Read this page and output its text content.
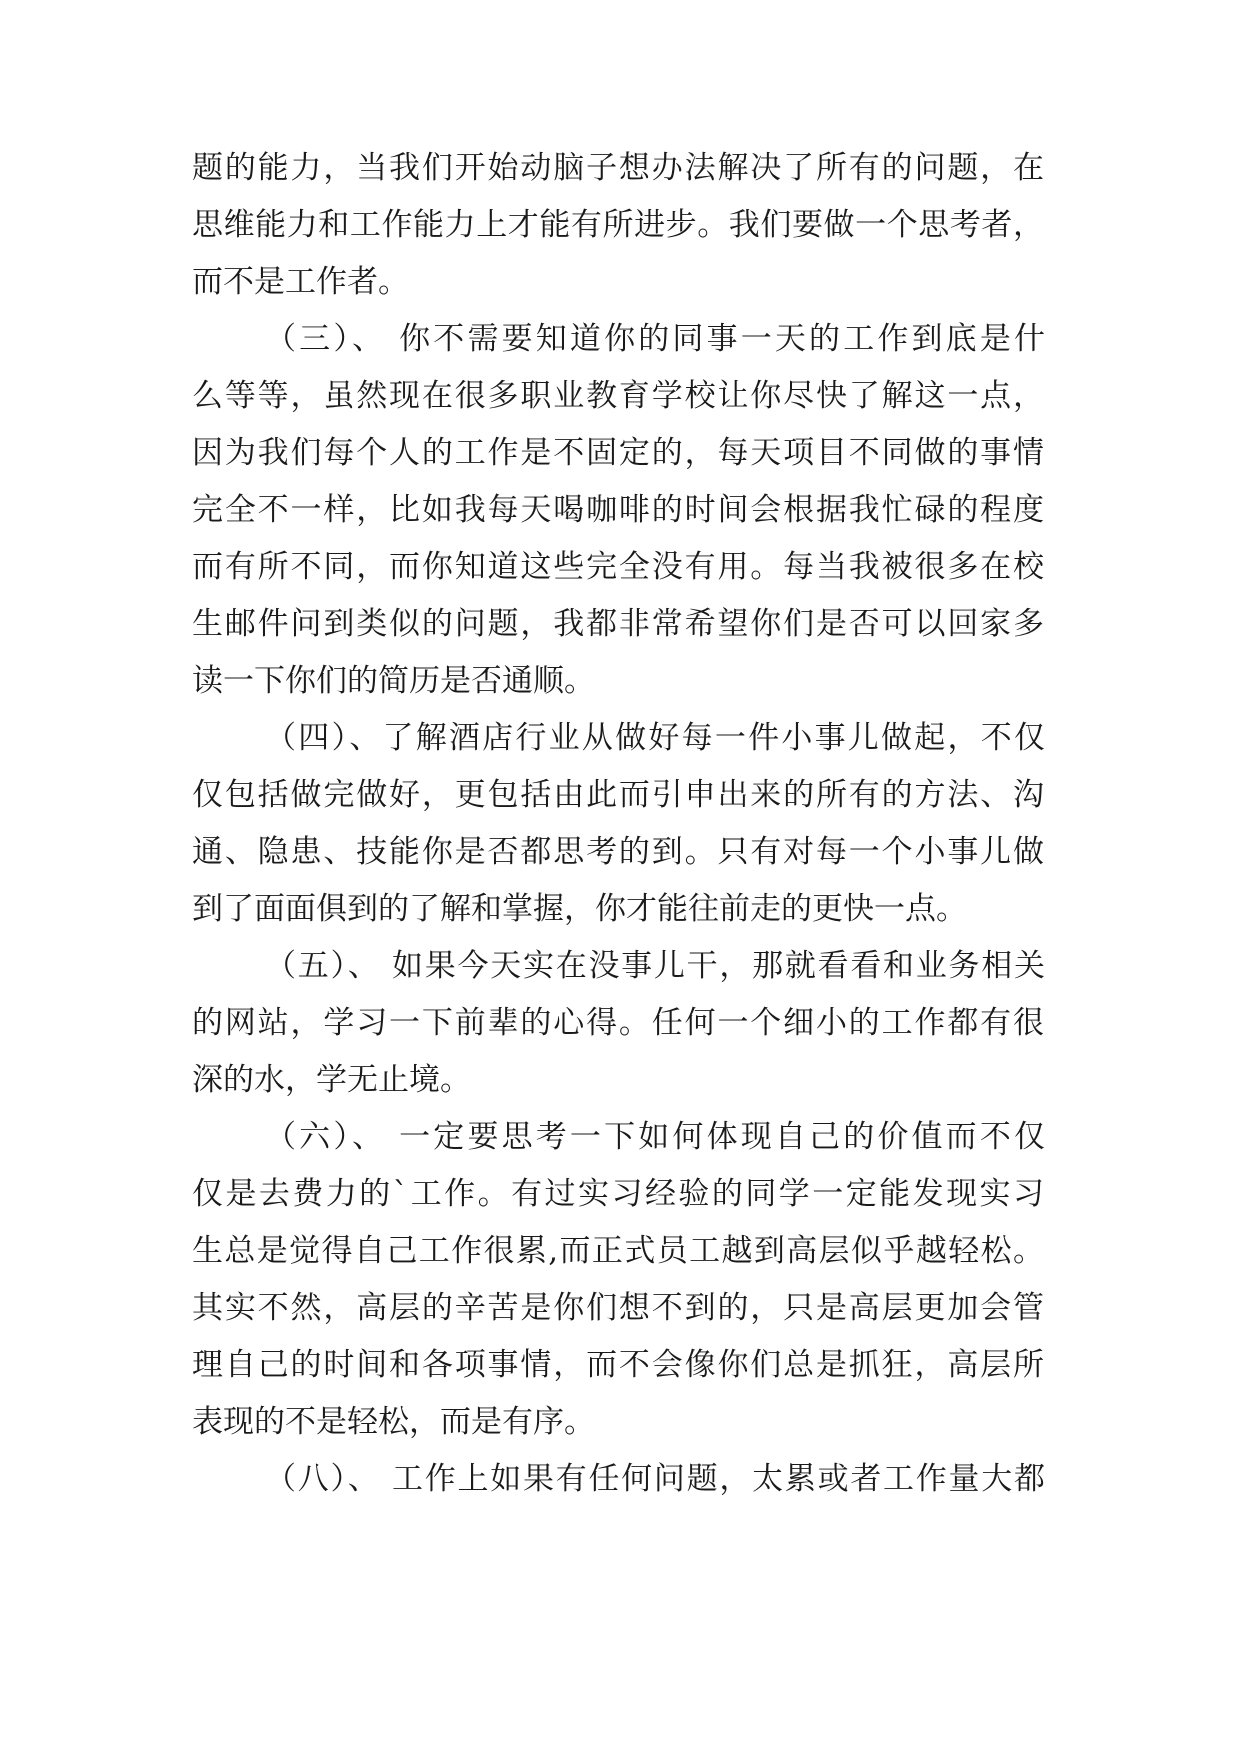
题的能力，当我们开始动脑子想办法解决了所有的问题，在
思维能力和工作能力上才能有所进步。我们要做一个思考者，
而不是工作者。
（三）、 你不需要知道你的同事一天的工作到底是什
么等等，虽然现在很多职业教育学校让你尽快了解这一点，
因为我们每个人的工作是不固定的，每天项目不同做的事情
完全不一样，比如我每天喝咖啡的时间会根据我忙碌的程度
而有所不同，而你知道这些完全没有用。每当我被很多在校
生邮件问到类似的问题，我都非常希望你们是否可以回家多
读一下你们的简历是否通顺。
（四）、了解酒店行业从做好每一件小事儿做起，不仅
仅包括做完做好，更包括由此而引申出来的所有的方法、沟
通、隐患、技能你是否都思考的到。只有对每一个小事儿做
到了面面俱到的了解和掌握，你才能往前走的更快一点。
（五）、 如果今天实在没事儿干，那就看看和业务相关
的网站，学习一下前辈的心得。任何一个细小的工作都有很
深的水，学无止境。
（六）、 一定要思考一下如何体现自己的价值而不仅
仅是去费力的`工作。有过实习经验的同学一定能发现实习
生总是觉得自己工作很累,而正式员工越到高层似乎越轻松。
其实不然，高层的辛苦是你们想不到的，只是高层更加会管
理自己的时间和各项事情，而不会像你们总是抓狂，高层所
表现的不是轻松，而是有序。
（八）、 工作上如果有任何问题，太累或者工作量大都
